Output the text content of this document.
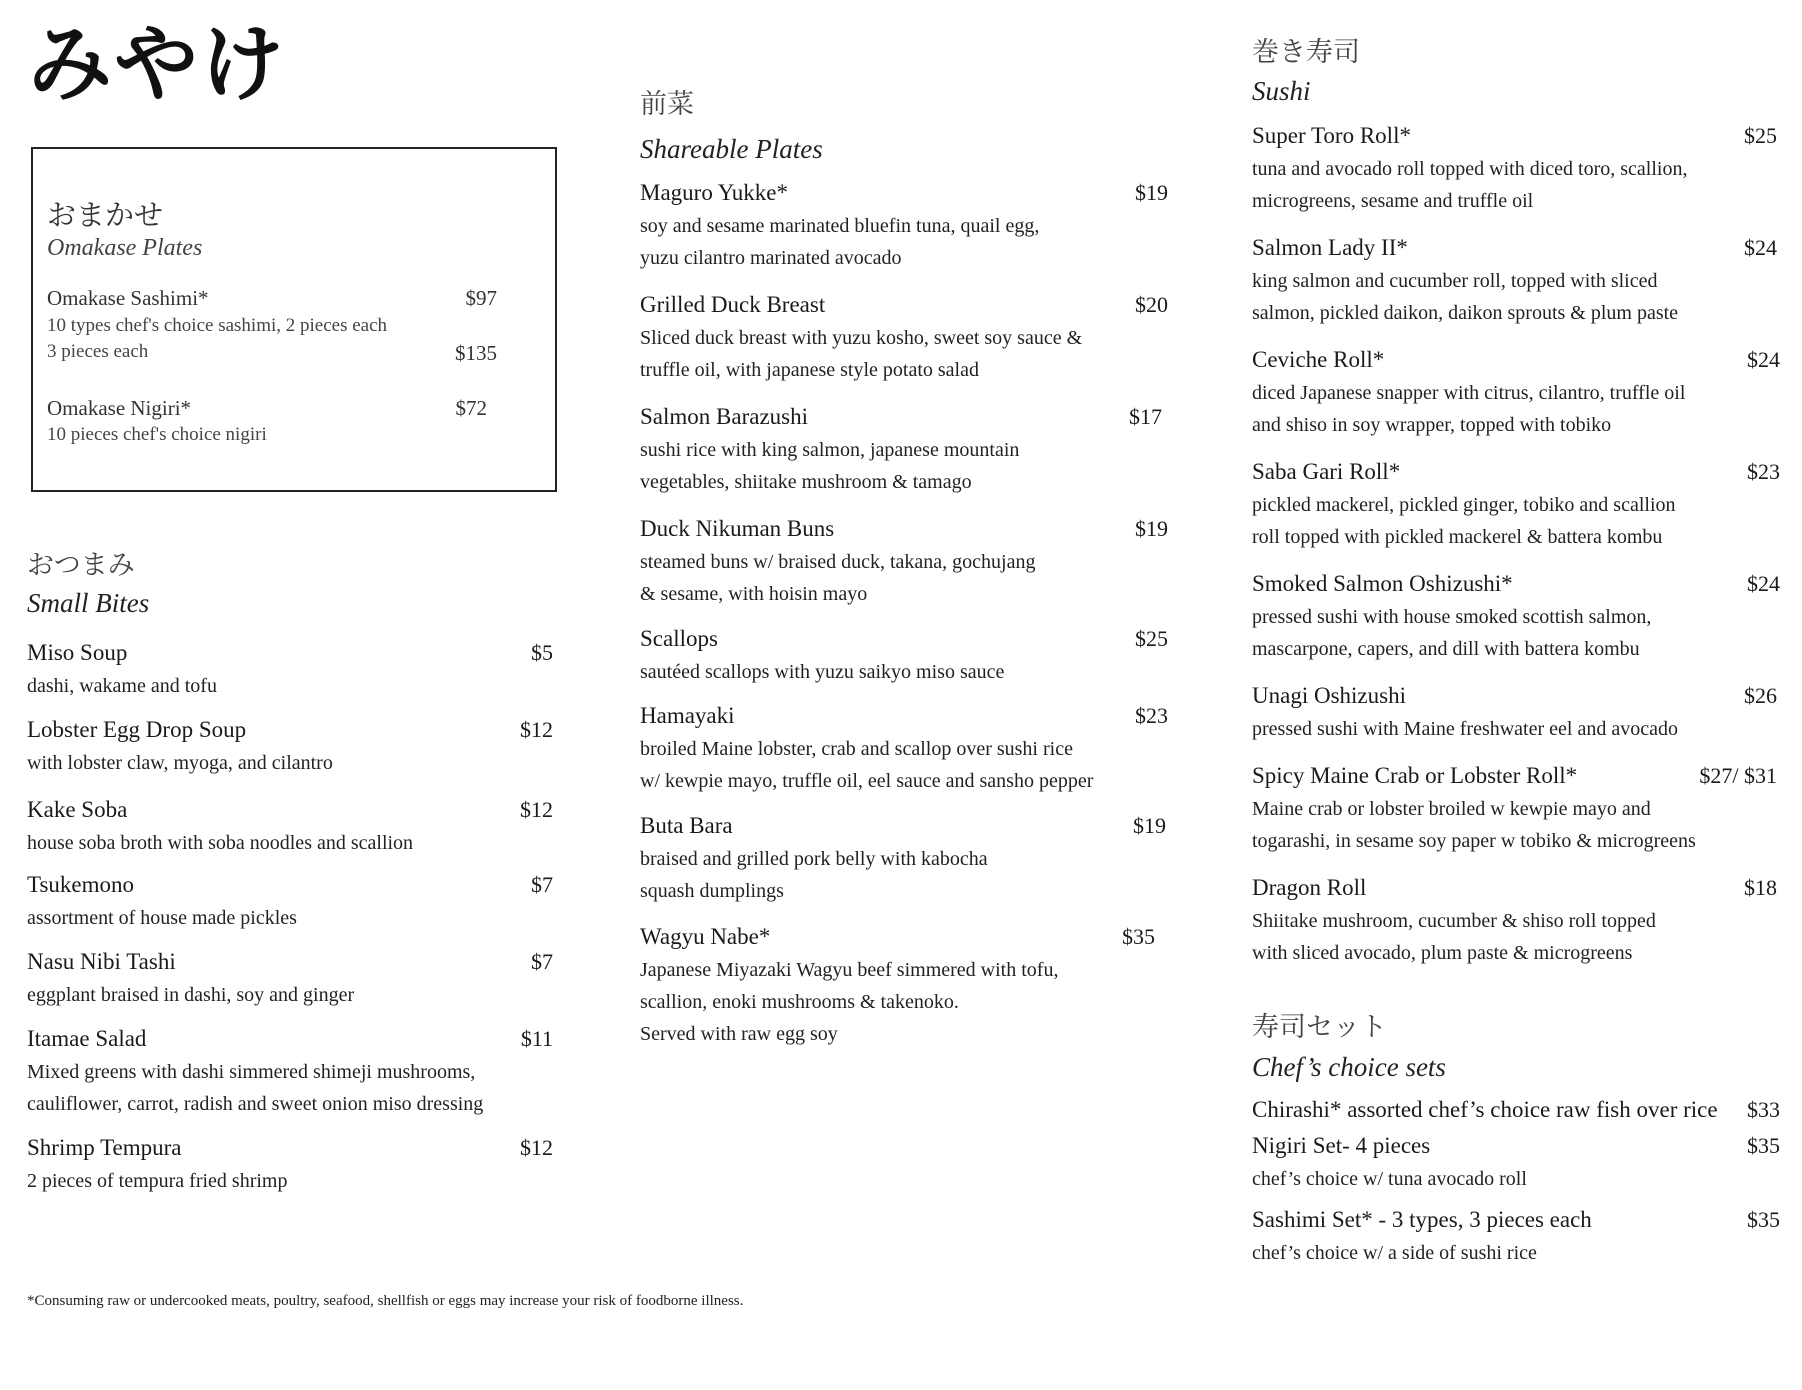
みやけ
おまかせ
Omakase Plates
Omakase Sashimi*	$97
10 types chef's choice sashimi, 2 pieces each
3 pieces each	$135
Omakase Nigiri*	$72
10 pieces chef's choice nigiri
おつまみ
Small Bites
前菜
Shareable Plates
巻き寿司
Sushi
寿司セット
Chef’s choice sets
Miso Soup	$5
dashi, wakame and tofu
Lobster Egg Drop Soup	$12
with lobster claw, myoga, and cilantro
Kake Soba	$12
house soba broth with soba noodles and scallion
Tsukemono	$7
assortment of house made pickles
Nasu Nibi Tashi	$7
eggplant braised in dashi, soy and ginger
Itamae Salad	$11
Mixed greens with dashi simmered shimeji mushrooms,
cauliflower, carrot, radish and sweet onion miso dressing
Shrimp Tempura	$12
2 pieces of tempura fried shrimp
Maguro Yukke*	$19
soy and sesame marinated bluefin tuna, quail egg,
yuzu cilantro marinated avocado
Grilled Duck Breast	$20
Sliced duck breast with yuzu kosho, sweet soy sauce &
truffle oil, with japanese style potato salad
Salmon Barazushi	$17
sushi rice with king salmon, japanese mountain
vegetables, shiitake mushroom & tamago
Duck Nikuman Buns	$19
steamed buns w/ braised duck, takana, gochujang
& sesame, with hoisin mayo
Scallops	$25
sautéed scallops with yuzu saikyo miso sauce
Hamayaki	$23
broiled Maine lobster, crab and scallop over sushi rice
w/ kewpie mayo, truffle oil, eel sauce and sansho pepper
Buta Bara	$19
braised and grilled pork belly with kabocha
squash dumplings
Wagyu Nabe*	$35
Japanese Miyazaki Wagyu beef simmered with tofu,
scallion, enoki mushrooms & takenoko.
Served with raw egg soy
Super Toro Roll*	$25
tuna and avocado roll topped with diced toro, scallion,
microgreens, sesame and truffle oil
Salmon Lady II*	$24
king salmon and cucumber roll, topped with sliced
salmon, pickled daikon, daikon sprouts & plum paste
Ceviche Roll*	$24
diced Japanese snapper with citrus, cilantro, truffle oil
and shiso in soy wrapper, topped with tobiko
Saba Gari Roll*	$23
pickled mackerel, pickled ginger, tobiko and scallion
roll topped with pickled mackerel & battera kombu
Smoked Salmon Oshizushi*	$24
pressed sushi with house smoked scottish salmon,
mascarpone, capers, and dill with battera kombu
Unagi Oshizushi	$26
pressed sushi with Maine freshwater eel and avocado
Spicy Maine Crab or Lobster Roll*	$27/ $31
Maine crab or lobster broiled w kewpie mayo and
togarashi, in sesame soy paper w tobiko & microgreens
Dragon Roll	$18
Shiitake mushroom, cucumber & shiso roll topped
with sliced avocado, plum paste & microgreens
Chirashi* assorted chef’s choice raw fish over rice $33
Nigiri Set- 4 pieces	$35
chef’s choice w/ tuna avocado roll
Sashimi Set* - 3 types, 3 pieces each	$35
chef’s choice w/ a side of sushi rice
*Consuming raw or undercooked meats, poultry, seafood, shellfish or eggs may increase your risk of foodborne illness.
